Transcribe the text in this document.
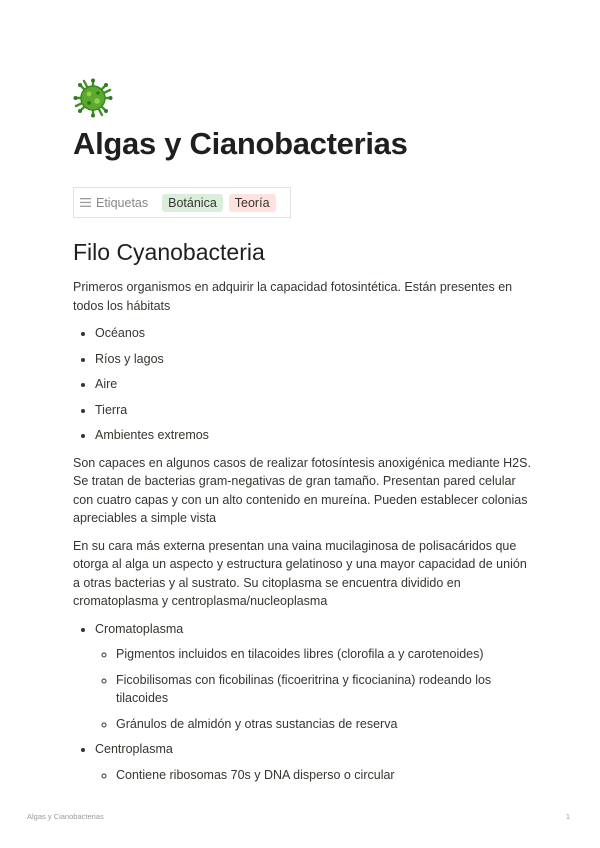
Algas y Cianobacterias
Etiquetas	Botánica	Teoría
Filo Cyanobacteria

Primeros organismos en adquirir la capacidad fotosintética. Están presentes en todos los hábitats

• Océanos
• Ríos y lagos
• Aire
• Tierra
• Ambientes extremos

Son capaces en algunos casos de realizar fotosíntesis anoxigénica mediante H2S. Se tratan de bacterias gram-negativas de gran tamaño. Presentan pared celular con cuatro capas y con un alto contenido en mureína. Pueden establecer colonias apreciables a simple vista

En su cara más externa presentan una vaina mucilaginosa de polisacáridos que otorga al alga un aspecto y estructura gelatinoso y una mayor capacidad de unión a otras bacterias y al sustrato. Su citoplasma se encuentra dividido en cromatoplasma y centroplasma/nucleoplasma

• Cromatoplasma
◦ Pigmentos incluidos en tilacoides libres (clorofila a y carotenoides)
◦ Ficobilisomas con ficobilinas (ficoeritrina y ficocianina) rodeando los tilacoides
◦ Gránulos de almidón y otras sustancias de reserva
• Centroplasma
◦ Contiene ribosomas 70s y DNA disperso o circular
Algas y Cianobacterias	1
